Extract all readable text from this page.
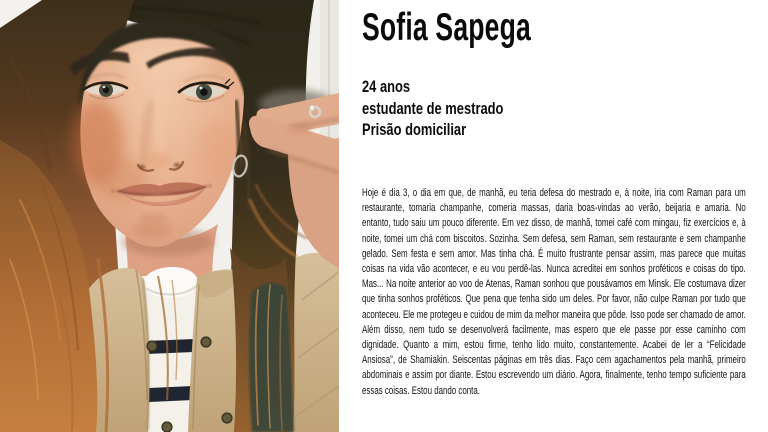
Sofia Sapega
24 anos
estudante de mestrado
Prisão domiciliar

Hoje é dia 3, o dia em que, de manhã, eu teria defesa do mestrado e, à noite, iria com Raman para um restaurante, tomaria champanhe, comeria massas, daria boas-vindas ao verão, beijaria e amaria. No entanto, tudo saiu um pouco diferente. Em vez disso, de manhã, tomei café com mingau, fiz exercícios e, à noite, tomei um chá com biscoitos. Sozinha. Sem defesa, sem Raman, sem restaurante e sem champanhe gelado. Sem festa e sem amor. Mas tinha chá. É muito frustrante pensar assim, mas parece que muitas coisas na vida vão acontecer, e eu vou perdê-las. Nunca acreditei em sonhos proféticos e coisas do tipo. Mas... Na noite anterior ao voo de Atenas, Raman sonhou que pousávamos em Minsk. Ele costumava dizer que tinha sonhos proféticos. Que pena que tenha sido um deles. Por favor, não culpe Raman por tudo que aconteceu. Ele me protegeu e cuidou de mim da melhor maneira que pôde. Isso pode ser chamado de amor. Além disso, nem tudo se desenvolverá facilmente, mas espero que ele passe por esse caminho com dignidade. Quanto a mim, estou firme, tenho lido muito, constantemente. Acabei de ler a “Felicidade Ansiosa”, de Shamiakin. Seiscentas páginas em três dias. Faço cem agachamentos pela manhã, primeiro abdominais e assim por diante. Estou escrevendo um diário. Agora, finalmente, tenho tempo suficiente para essas coisas. Estou dando conta.
